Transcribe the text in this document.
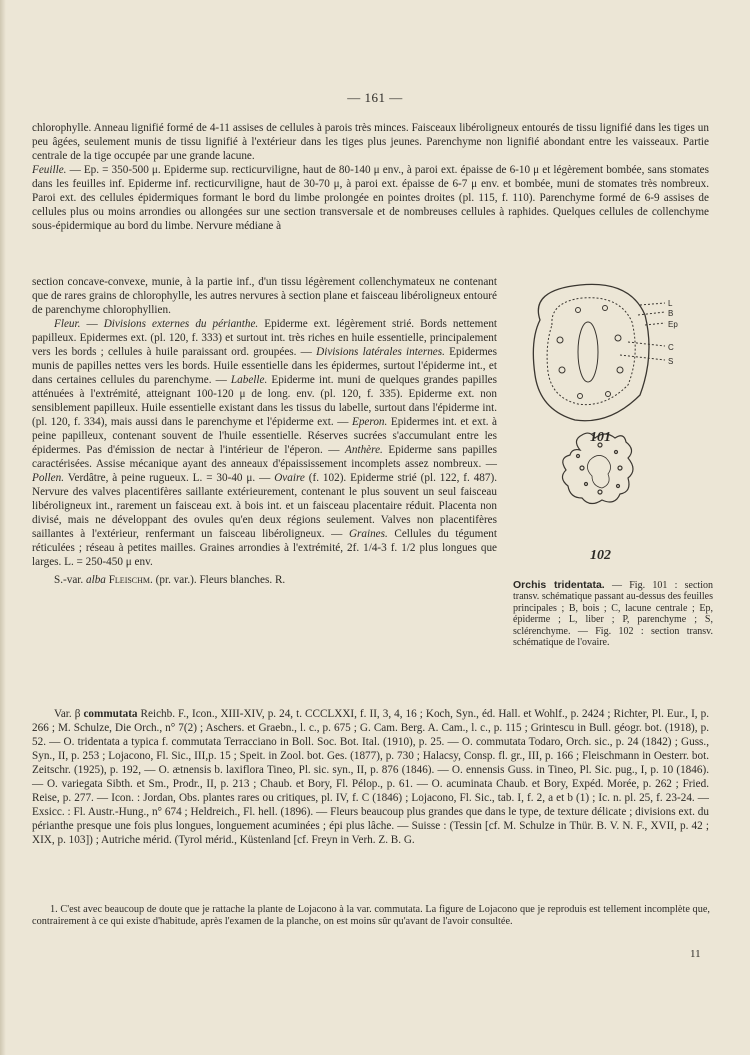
— 161 —

chlorophylle. Anneau lignifié formé de 4-11 assises de cellules à parois très minces. Faisceaux libéroligneux entourés de tissu lignifié dans les tiges un peu âgées, seulement munis de tissu lignifié à l'extérieur dans les tiges plus jeunes. Parenchyme non lignifié abondant entre les vaisseaux. Partie centrale de la tige occupée par une grande lacune.

Feuille. — Ep. = 350-500 μ. Epiderme sup. recticurviligne, haut de 80-140 μ env., à paroi ext. épaisse de 6-10 μ et légèrement bombée, sans stomates dans les feuilles inf. Epiderme inf. recticurviligne, haut de 30-70 μ, à paroi ext. épaisse de 6-7 μ env. et bombée, muni de stomates très nombreux. Paroi ext. des cellules épidermiques formant le bord du limbe prolongée en pointes droites (pl. 115, f. 110). Parenchyme formé de 6-9 assises de cellules plus ou moins arrondies ou allongées sur une section transversale et de nombreuses cellules à raphides. Quelques cellules de collenchyme sous-épidermique au bord du limbe. Nervure médiane à

section concave-convexe, munie, à la partie inf., d'un tissu légèrement collenchymateux ne contenant que de rares grains de chlorophylle, les autres nervures à section plane et faisceau libéroligneux entouré de parenchyme chlorophyllien.

Fleur. — Divisions externes du périanthe. Epiderme ext. légèrement strié. Bords nettement papilleux. Epidermes ext. (pl. 120, f. 333) et surtout int. très riches en huile essentielle, principalement vers les bords ; cellules à huile paraissant ord. groupées. — Divisions latérales internes. Epidermes munis de papilles nettes vers les bords. Huile essentielle dans les épidermes, surtout l'épiderme int., et dans certaines cellules du parenchyme. — Labelle. Epiderme int. muni de quelques grandes papilles atténuées à l'extrémité, atteignant 100-120 μ de long. env. (pl. 120, f. 335). Epiderme ext. non sensiblement papilleux. Huile essentielle existant dans les tissus du labelle, surtout dans l'épiderme int. (pl. 120, f. 334), mais aussi dans le parenchyme et l'épiderme ext. — Eperon. Epidermes int. et ext. à peine papilleux, contenant souvent de l'huile essentielle. Réserves sucrées s'accumulant entre les épidermes. Pas d'émission de nectar à l'intérieur de l'éperon. — Anthère. Epiderme sans papilles caractérisées. Assise mécanique ayant des anneaux d'épaississement incomplets assez nombreux. — Pollen. Verdâtre, à peine rugueux. L. = 30-40 μ. — Ovaire (f. 102). Epiderme strié (pl. 122, f. 487). Nervure des valves placentifères saillante extérieurement, contenant le plus souvent un seul faisceau libéroligneux int., rarement un faisceau ext. à bois int. et un faisceau placentaire réduit. Placenta non divisé, mais ne développant des ovules qu'en deux régions seulement. Valves non placentifères saillantes à l'extérieur, renfermant un faisceau libéroligneux. — Graines. Cellules du tégument réticulées ; réseau à petites mailles. Graines arrondies à l'extrémité, 2f. 1/4-3 f. 1/2 plus longues que larges. L. = 250-450 μ env.

S.-var. alba Fleischm. (pr. var.). Fleurs blanches. R.

L
B
Ep
C
S
101
102
Orchis tridentata. — Fig. 101 : section transv. schématique passant au-dessus des feuilles principales ; B, bois ; C, lacune centrale ; Ep, épiderme ; L, liber ; P, parenchyme ; S, sclérenchyme. — Fig. 102 : section transv. schématique de l'ovaire.

Var. β commutata Reichb. F., Icon., XIII-XIV, p. 24, t. CCCLXXI, f. II, 3, 4, 16 ; Koch, Syn., éd. Hall. et Wohlf., p. 2424 ; Richter, Pl. Eur., I, p. 266 ; M. Schulze, Die Orch., n° 7(2) ; Aschers. et Graebn., l. c., p. 675 ; G. Cam. Berg. A. Cam., l. c., p. 115 ; Grintescu in Bull. géogr. bot. (1918), p. 52. — O. tridentata a typica f. commutata Terracciano in Boll. Soc. Bot. Ital. (1910), p. 25. — O. commutata Todaro, Orch. sic., p. 24 (1842) ; Guss., Syn., II, p. 253 ; Lojacono, Fl. Sic., III,p. 15 ; Speit. in Zool. bot. Ges. (1877), p. 730 ; Halacsy, Consp. fl. gr., III, p. 166 ; Fleischmann in Oesterr. bot. Zeitschr. (1925), p. 192, — O. ætnensis b. laxiflora Tineo, Pl. sic. syn., II, p. 876 (1846). — O. ennensis Guss. in Tineo, Pl. Sic. pug., I, p. 10 (1846). — O. variegata Sibth. et Sm., Prodr., II, p. 213 ; Chaub. et Bory, Fl. Pélop., p. 61. — O. acuminata Chaub. et Bory, Expéd. Morée, p. 262 ; Fried. Reise, p. 277. — Icon. : Jordan, Obs. plantes rares ou critiques, pl. IV, f. C (1846) ; Lojacono, Fl. Sic., tab. I, f. 2, a et b (1) ; Ic. n. pl. 25, f. 23-24. — Exsicc. : Fl. Austr.-Hung., n° 674 ; Heldreich., Fl. hell. (1896). — Fleurs beaucoup plus grandes que dans le type, de texture délicate ; divisions ext. du périanthe presque une fois plus longues, longuement acuminées ; épi plus lâche. — Suisse : (Tessin [cf. M. Schulze in Thür. B. V. N. F., XVII, p. 42 ; XIX, p. 103]) ; Autriche mérid. (Tyrol mérid., Küstenland [cf. Freyn in Verh. Z. B. G.

1. C'est avec beaucoup de doute que je rattache la plante de Lojacono à la var. commutata. La figure de Lojacono que je reproduis est tellement incomplète que, contrairement à ce qui existe d'habitude, après l'examen de la planche, on est moins sûr qu'avant de l'avoir consultée.

11
